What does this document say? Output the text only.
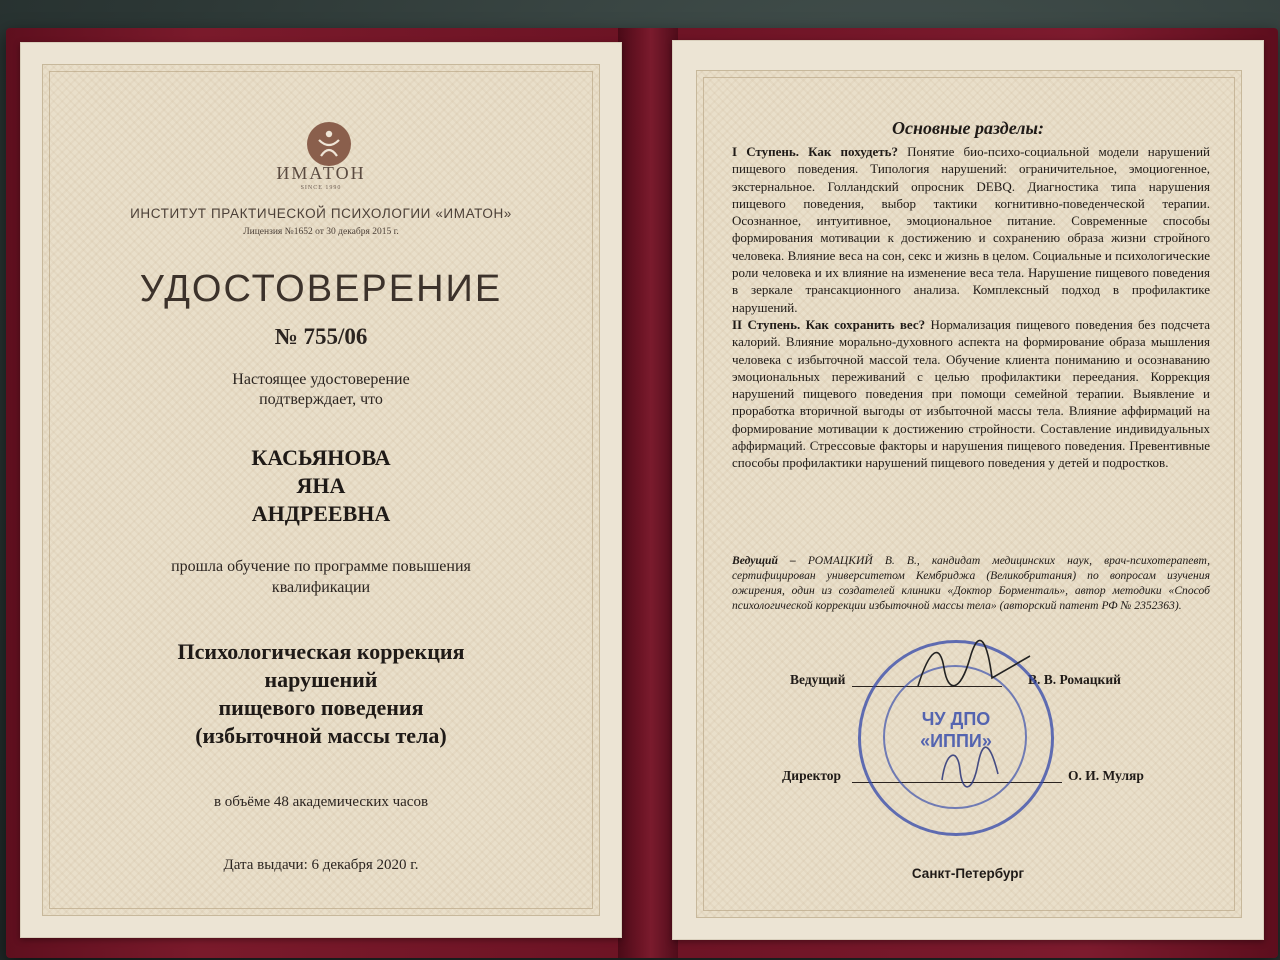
ИМАТОН
SINCE 1990
ИНСТИТУТ ПРАКТИЧЕСКОЙ ПСИХОЛОГИИ «ИМАТОН»
Лицензия №1652 от 30 декабря 2015 г.
УДОСТОВЕРЕНИЕ
№ 755/06
Настоящее удостоверение
подтверждает, что
КАСЬЯНОВА
ЯНА
АНДРЕЕВНА
прошла обучение по программе повышения
квалификации
Психологическая коррекция
нарушений
пищевого поведения
(избыточной массы тела)
в объёме 48 академических часов
Дата выдачи: 6 декабря 2020 г.
Основные разделы:

I Ступень. Как похудеть? Понятие био-психо-социальной модели нарушений пищевого поведения. Типология нарушений: ограничительное, эмоциогенное, экстернальное. Голландский опросник DEBQ. Диагностика типа нарушения пищевого поведения, выбор тактики когнитивно-поведенческой терапии. Осознанное, интуитивное, эмоциональное питание. Современные способы формирования мотивации к достижению и сохранению образа жизни стройного человека. Влияние веса на сон, секс и жизнь в целом. Социальные и психологические роли человека и их влияние на изменение веса тела. Нарушение пищевого поведения в зеркале трансакционного анализа. Комплексный подход в профилактике нарушений.

II Ступень. Как сохранить вес? Нормализация пищевого поведения без подсчета калорий. Влияние морально-духовного аспекта на формирование образа мышления человека с избыточной массой тела. Обучение клиента пониманию и осознаванию эмоциональных переживаний с целью профилактики переедания. Коррекция нарушений пищевого поведения при помощи семейной терапии. Выявление и проработка вторичной выгоды от избыточной массы тела. Влияние аффирмаций на формирование мотивации к достижению стройности. Составление индивидуальных аффирмаций. Стрессовые факторы и нарушения пищевого поведения. Превентивные способы профилактики нарушений пищевого поведения у детей и подростков.

Ведущий – РОМАЦКИЙ В. В., кандидат медицинских наук, врач-психотерапевт, сертифицирован университетом Кембриджа (Великобритания) по вопросам изучения ожирения, один из создателей клиники «Доктор Борменталь», автор методики «Способ психологической коррекции избыточной массы тела» (авторский патент РФ № 2352363).
Ведущий	В. В. Ромацкий
Директор	О. И. Муляр
ЧУ ДПО
«ИППИ»
Санкт-Петербург
